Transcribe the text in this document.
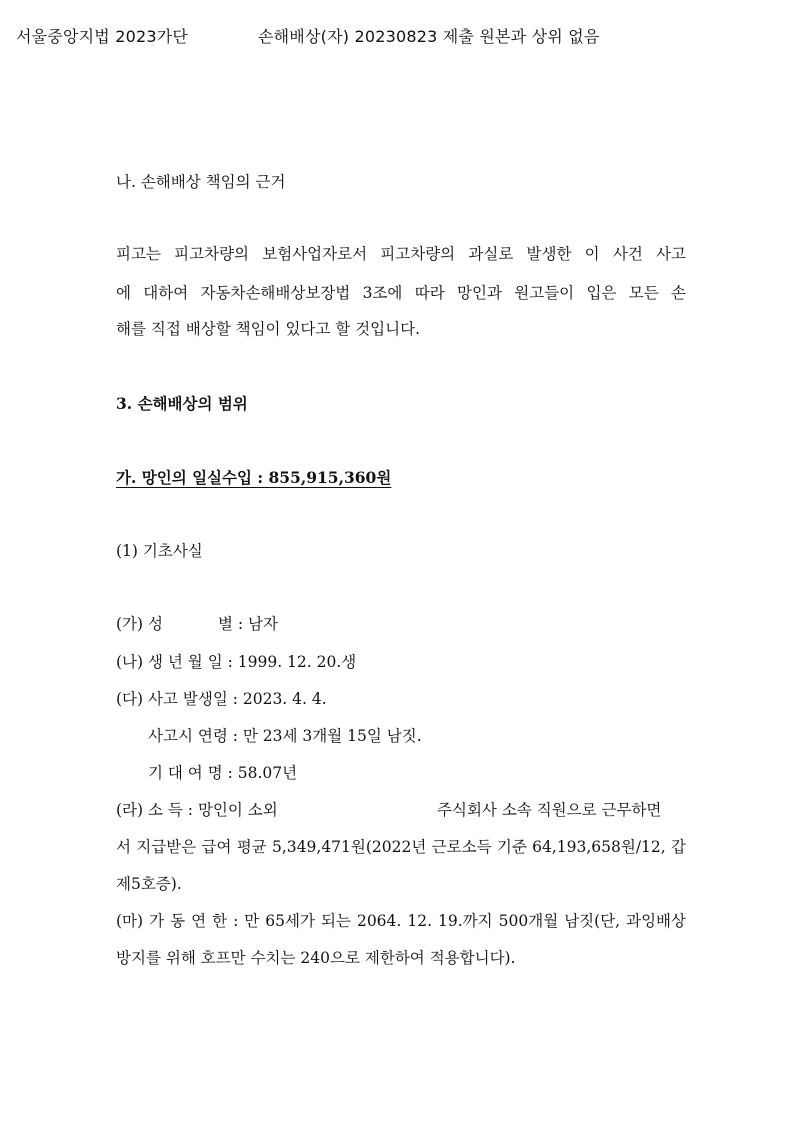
서울중앙지법 2023가단	손해배상(자) 20230823 제출 원본과 상위 없음
나. 손해배상 책임의 근거
피고는 피고차량의 보험사업자로서 피고차량의 과실로 발생한 이 사건 사고
에 대하여 자동차손해배상보장법 3조에 따라 망인과 원고들이 입은 모든 손
해를 직접 배상할 책임이 있다고 할 것입니다.
3. 손해배상의 범위
가. 망인의 일실수입 : 855,915,360원
(1) 기초사실
(가) 성	별 : 남자
(나) 생 년 월 일 : 1999. 12. 20.생
(다) 사고 발생일 : 2023. 4. 4.
사고시 연령 : 만 23세 3개월 15일 남짓.
기 대 여 명 : 58.07년
(라) 소 득 : 망인이 소외	주식회사 소속 직원으로 근무하면
서 지급받은 급여 평균 5,349,471원(2022년 근로소득 기준 64,193,658원/12, 갑
제5호증).
(마) 가 동 연 한 : 만 65세가 되는 2064. 12. 19.까지 500개월 남짓(단, 과잉배상
방지를 위해 호프만 수치는 240으로 제한하여 적용합니다).
